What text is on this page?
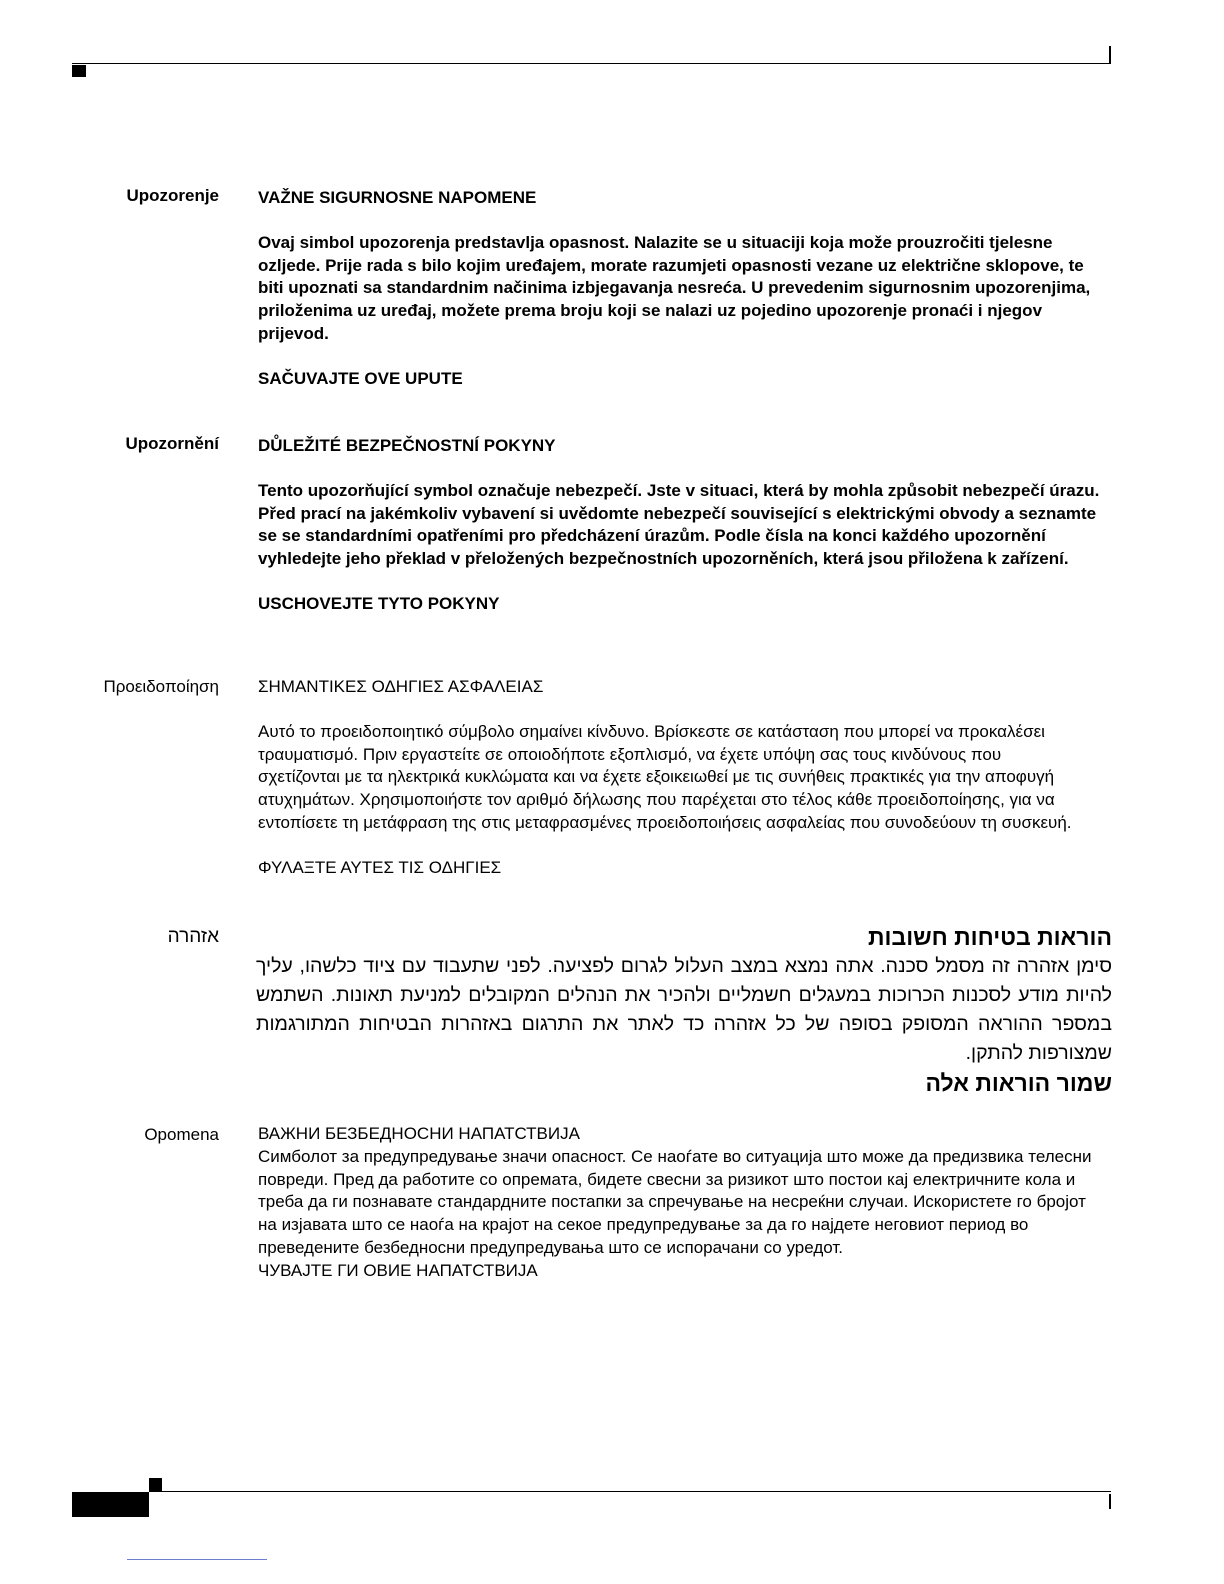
Upozorenje VAŽNE SIGURNOSNE NAPOMENE

Ovaj simbol upozorenja predstavlja opasnost. Nalazite se u situaciji koja može prouzročiti tjelesne ozljede. Prije rada s bilo kojim uređajem, morate razumjeti opasnosti vezane uz električne sklopove, te biti upoznati sa standardnim načinima izbjegavanja nesreća. U prevedenim sigurnosnim upozorenjima, priloženima uz uređaj, možete prema broju koji se nalazi uz pojedino upozorenje pronaći i njegov prijevod.

SAČUVAJTE OVE UPUTE

Upozornění DŮLEŽITÉ BEZPEČNOSTNÍ POKYNY

Tento upozorňující symbol označuje nebezpečí. Jste v situaci, která by mohla způsobit nebezpečí úrazu. Před prací na jakémkoliv vybavení si uvědomte nebezpečí související s elektrickými obvody a seznamte se se standardními opatřeními pro předcházení úrazům. Podle čísla na konci každého upozornění vyhledejte jeho překlad v přeložených bezpečnostních upozorněních, která jsou přiložena k zařízení.

USCHOVEJTE TYTO POKYNY

Προειδοποίηση ΣΗΜΑΝΤΙΚΕΣ ΟΔΗΓΙΕΣ ΑΣΦΑΛΕΙΑΣ

Αυτό το προειδοποιητικό σύμβολο σημαίνει κίνδυνο. Βρίσκεστε σε κατάσταση που μπορεί να προκαλέσει τραυματισμό. Πριν εργαστείτε σε οποιοδήποτε εξοπλισμό, να έχετε υπόψη σας τους κινδύνους που σχετίζονται με τα ηλεκτρικά κυκλώματα και να έχετε εξοικειωθεί με τις συνήθεις πρακτικές για την αποφυγή ατυχημάτων. Χρησιμοποιήστε τον αριθμό δήλωσης που παρέχεται στο τέλος κάθε προειδοποίησης, για να εντοπίσετε τη μετάφραση της στις μεταφρασμένες προειδοποιήσεις ασφαλείας που συνοδεύουν τη συσκευή.

ΦΥΛΑΞΤΕ ΑΥΤΕΣ ΤΙΣ ΟΔΗΓΙΕΣ

אזהרה	הוראות בטיחות חשובות

סימן אזהרה זה מסמל סכנה. אתה נמצא במצב העלול לגרום לפציעה. לפני שתעבוד עם ציוד כלשהו, עליך להיות מודע לסכנות הכרוכות במעגלים חשמליים ולהכיר את הנהלים המקובלים למניעת תאונות. השתמש במספר ההוראה המסופק בסופה של כל אזהרה כד לאתר את התרגום באזהרות הבטיחות המתורגמות שמצורפות להתקן.

שמור הוראות אלה

Opomena ВАЖНИ БЕЗБЕДНОСНИ НАПАТСТВИЈА

Симболот за предупредување значи опасност. Се наоѓате во ситуација што може да предизвика телесни повреди. Пред да работите со опремата, бидете свесни за ризикот што постои кај електричните кола и треба да ги познавате стандардните постапки за спречување на несреќни случаи. Искористете го бројот на изјавата што се наоѓа на крајот на секое предупредување за да го најдете неговиот период во преведените безбедносни предупредувања што се испорачани со уредот.

ЧУВАЈТЕ ГИ ОВИЕ НАПАТСТВИЈА
